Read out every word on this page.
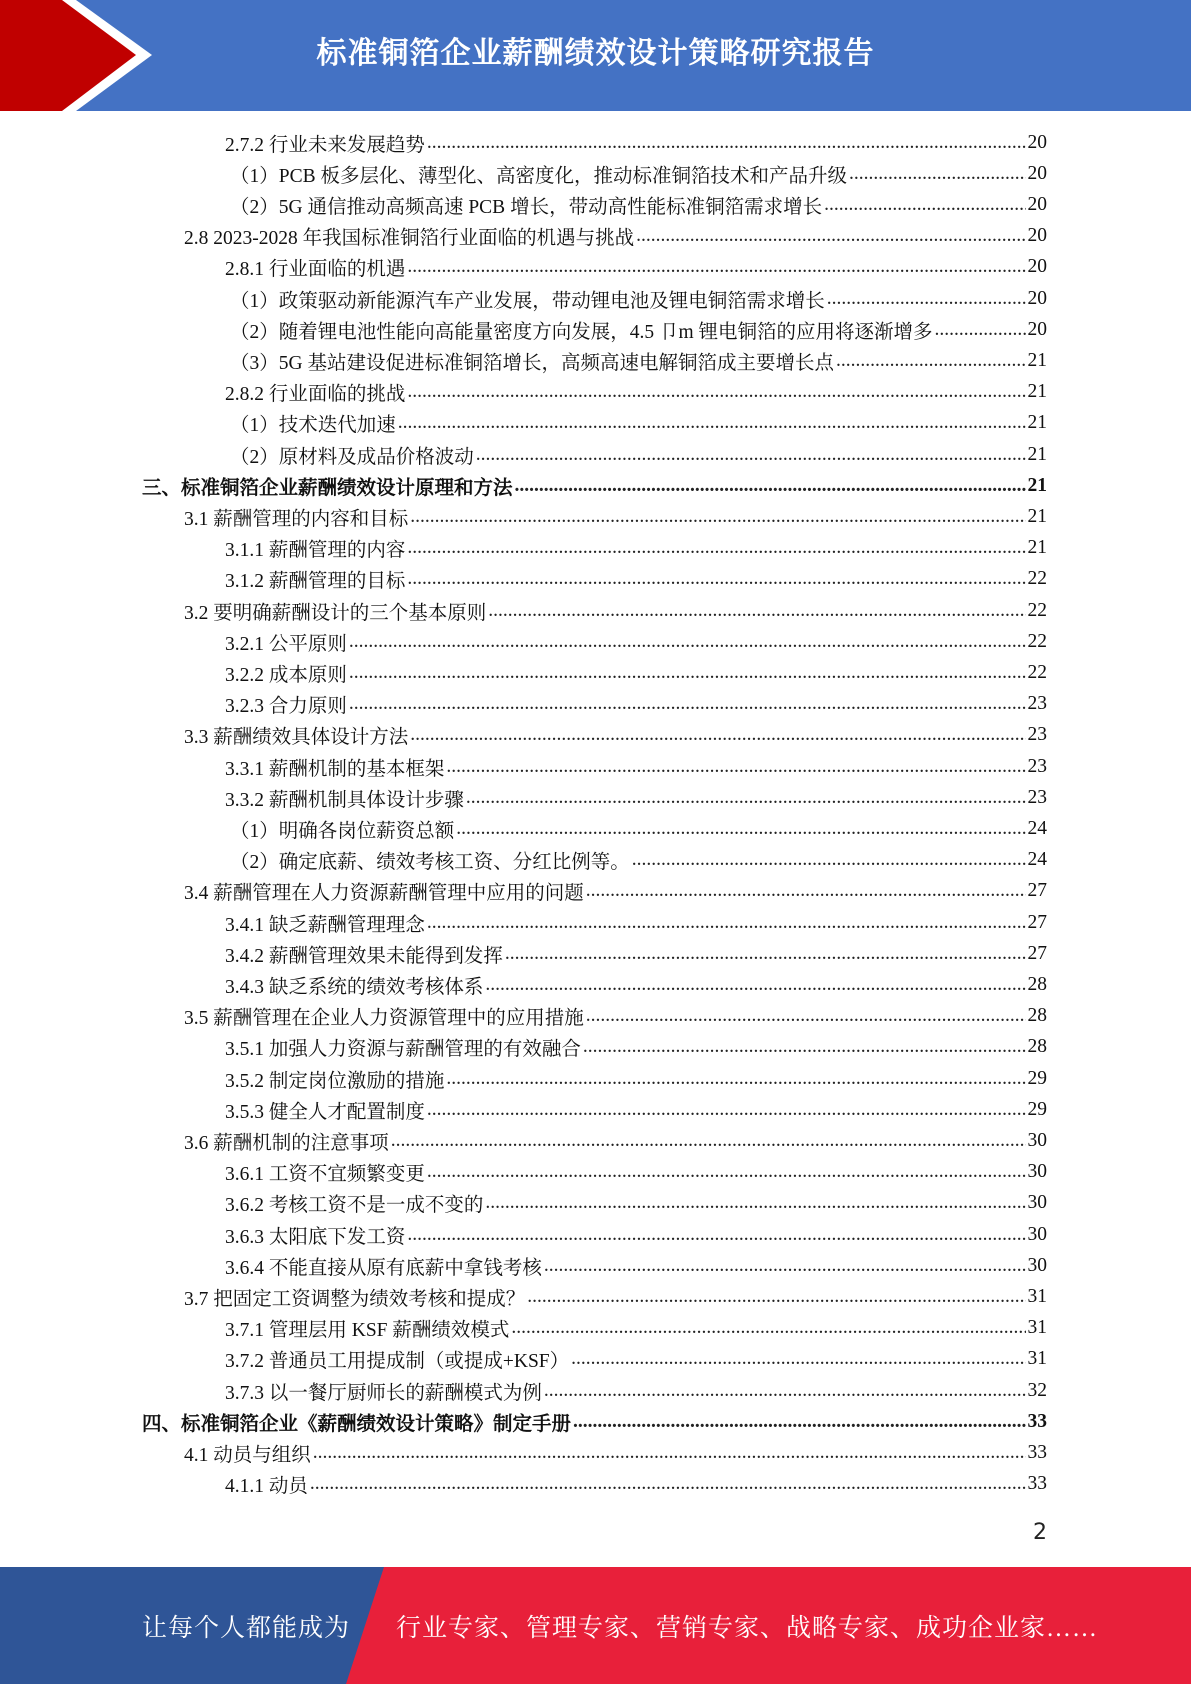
标准铜箔企业薪酬绩效设计策略研究报告
2.7.2 行业未来发展趋势 .....	20
（1）PCB 板多层化、薄型化、高密度化，推动标准铜箔技术和产品升级 .....	20
（2）5G 通信推动高频高速 PCB 增长，带动高性能标准铜箔需求增长 .....	20
2.8 2023-2028 年我国标准铜箔行业面临的机遇与挑战 .....	20
2.8.1 行业面临的机遇 .....	20
（1）政策驱动新能源汽车产业发展，带动锂电池及锂电铜箔需求增长 .....	20
（2）随着锂电池性能向高能量密度方向发展，4.5 卩m 锂电铜箔的应用将逐渐增多 .....	20
（3）5G 基站建设促进标准铜箔增长，高频高速电解铜箔成主要增长点 .....	21
2.8.2 行业面临的挑战 .....	21
（1）技术迭代加速 .....	21
（2）原材料及成品价格波动 .....	21
三、标准铜箔企业薪酬绩效设计原理和方法 .....	21
3.1 薪酬管理的内容和目标 .....	21
3.1.1 薪酬管理的内容 .....	21
3.1.2 薪酬管理的目标 .....	22
3.2 要明确薪酬设计的三个基本原则 .....	22
3.2.1 公平原则 .....	22
3.2.2 成本原则 .....	22
3.2.3 合力原则 .....	23
3.3 薪酬绩效具体设计方法 .....	23
3.3.1 薪酬机制的基本框架 .....	23
3.3.2 薪酬机制具体设计步骤 .....	23
（1）明确各岗位薪资总额 .....	24
（2）确定底薪、绩效考核工资、分红比例等。 .....	24
3.4 薪酬管理在人力资源薪酬管理中应用的问题 .....	27
3.4.1 缺乏薪酬管理理念 .....	27
3.4.2 薪酬管理效果未能得到发挥 .....	27
3.4.3 缺乏系统的绩效考核体系 .....	28
3.5 薪酬管理在企业人力资源管理中的应用措施 .....	28
3.5.1 加强人力资源与薪酬管理的有效融合 .....	28
3.5.2 制定岗位激励的措施 .....	29
3.5.3 健全人才配置制度 .....	29
3.6 薪酬机制的注意事项 .....	30
3.6.1 工资不宜频繁变更 .....	30
3.6.2 考核工资不是一成不变的 .....	30
3.6.3 太阳底下发工资 .....	30
3.6.4 不能直接从原有底薪中拿钱考核 .....	30
3.7 把固定工资调整为绩效考核和提成？ .....	31
3.7.1 管理层用 KSF 薪酬绩效模式 .....	31
3.7.2 普通员工用提成制（或提成+KSF） .....	31
3.7.3 以一餐厅厨师长的薪酬模式为例 .....	32
四、标准铜箔企业《薪酬绩效设计策略》制定手册 .....	33
4.1 动员与组织 .....	33
4.1.1 动员 .....	33
2
让每个人都能成为 行业专家、管理专家、营销专家、战略专家、成功企业家……
